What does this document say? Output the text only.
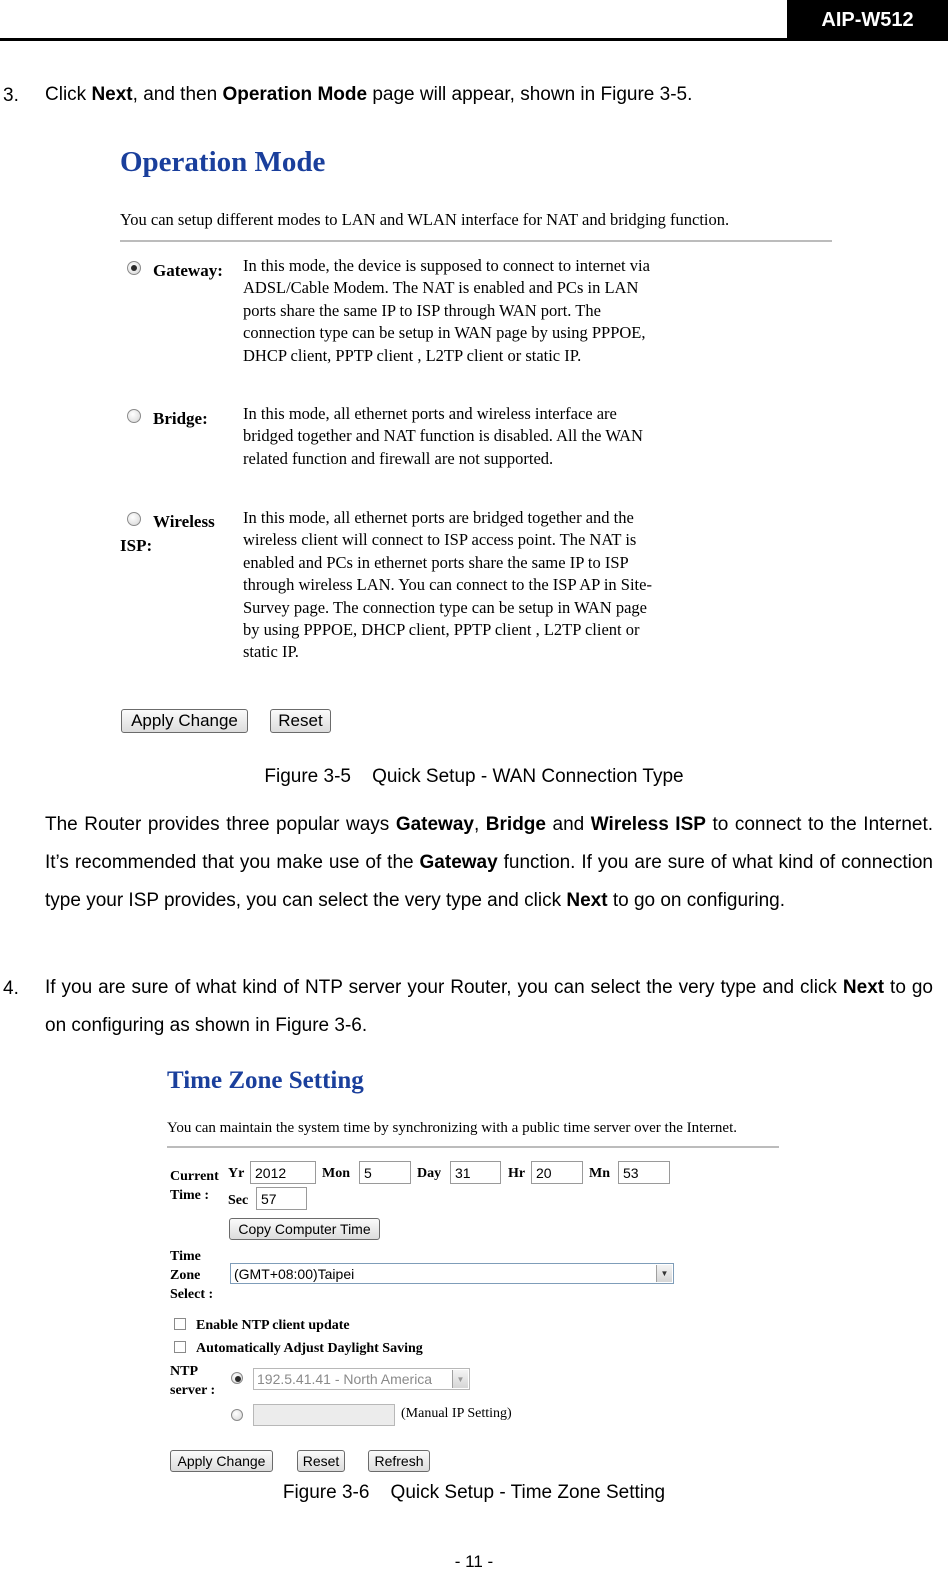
AIP-W512
3. Click Next, and then Operation Mode page will appear, shown in Figure 3-5.
Operation Mode
You can setup different modes to LAN and WLAN interface for NAT and bridging function.
Gateway: In this mode, the device is supposed to connect to internet via ADSL/Cable Modem. The NAT is enabled and PCs in LAN ports share the same IP to ISP through WAN port. The connection type can be setup in WAN page by using PPPOE, DHCP client, PPTP client , L2TP client or static IP.
Bridge: In this mode, all ethernet ports and wireless interface are bridged together and NAT function is disabled. All the WAN related function and firewall are not supported.
Wireless
ISP:
In this mode, all ethernet ports are bridged together and the wireless client will connect to ISP access point. The NAT is enabled and PCs in ethernet ports share the same IP to ISP through wireless LAN. You can connect to the ISP AP in Site-Survey page. The connection type can be setup in WAN page by using PPPOE, DHCP client, PPTP client , L2TP client or static IP.
Apply Change	Reset
Figure 3-5    Quick Setup - WAN Connection Type
The Router provides three popular ways Gateway, Bridge and Wireless ISP to connect to the Internet. It’s recommended that you make use of the Gateway function. If you are sure of what kind of connection type your ISP provides, you can select the very type and click Next to go on configuring.
4. If you are sure of what kind of NTP server your Router, you can select the very type and click Next to go on configuring as shown in Figure 3-6.
Time Zone Setting
You can maintain the system time by synchronizing with a public time server over the Internet.
Current
Time :
Yr 2012	Mon	5	Day 31	Hr 20	Mn 53
Sec 57
Copy Computer Time
Time
Zone
Select :
(GMT+08:00)Taipei	▼
Enable NTP client update
Automatically Adjust Daylight Saving
NTP
server :
192.5.41.41 - North America	▼
(Manual IP Setting)
Apply Change	Reset	Refresh
Figure 3-6    Quick Setup - Time Zone Setting
- 11 -
